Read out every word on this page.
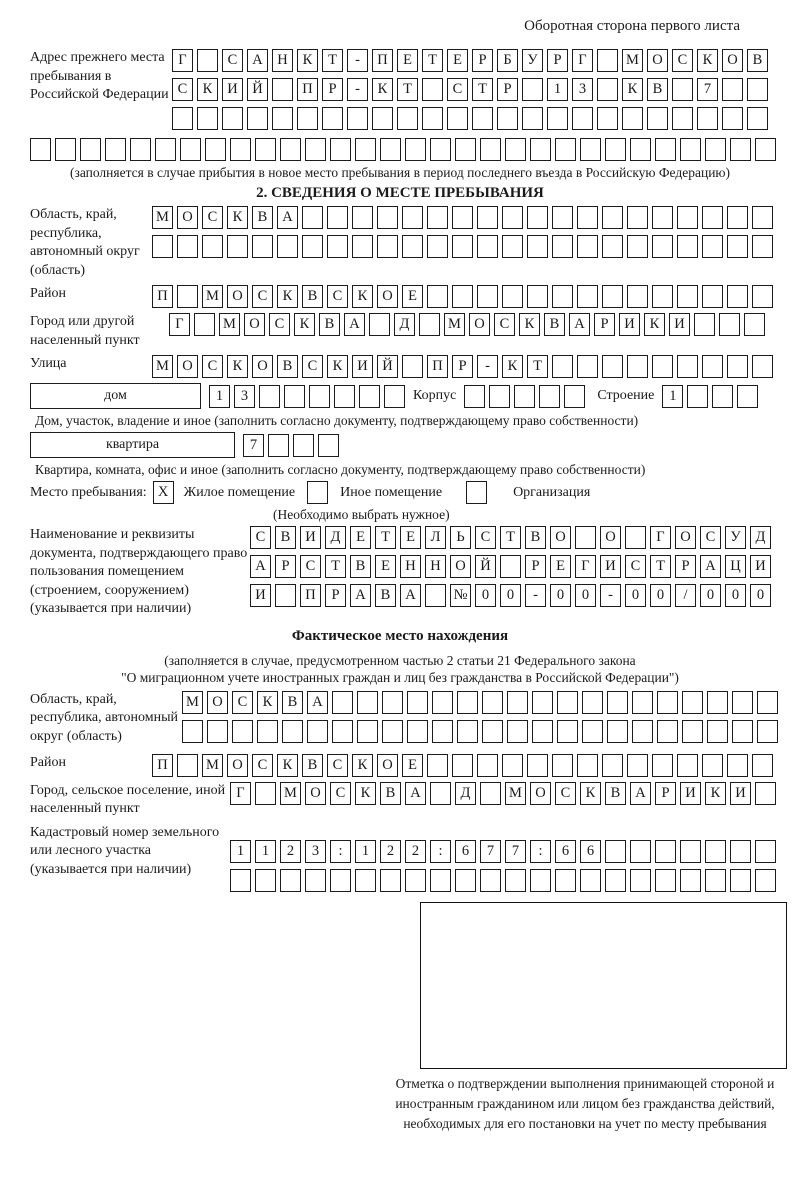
Оборотная сторона первого листа
Адрес прежнего места пребывания в Российской Федерации
Г	С	А	Н	К	Т	-	П	Е	Т	Е	Р	Б	У	Р	Г	М О	С	К	О	В
С	К	И	Й	П	Р	-	К	Т	С	Т	Р	1	3	К	В	7
(заполняется в случае прибытия в новое место пребывания в период последнего въезда в Российскую Федерацию)
2. СВЕДЕНИЯ О МЕСТЕ ПРЕБЫВАНИЯ
Область, край, республика, автономный округ (область)
М О	С	К	В	А
Район	П	М О	С	К	В	С	К	О	Е
Город или другой населенный пункт
Г	М О	С	К	В	А	Д	М О	С	К	В	А	Р	И	К	И
Улица	М О	С	К	О	В	С	К	И	Й	П	Р	-	К	Т
дом	1	3	Корпус	Строение	1
Дом, участок, владение и иное (заполнить согласно документу, подтверждающему право собственности)
квартира	7
Квартира, комната, офис и иное (заполнить согласно документу, подтверждающему право собственности)
Место пребывания: X	Жилое помещение	Иное помещение	Организация
(Необходимо выбрать нужное)
Наименование и реквизиты документа, подтверждающего право пользования помещением (строением, сооружением) (указывается при наличии)
С	В	И	Д	Е	Т	Е	Л	Ь	С	Т	В	О	О	Г	О	С	У	Д
А	Р	С	Т	В	Е	Н	Н	О	Й	Р	Е	Г	И	С	Т	Р	А	Ц	И
И	П	Р	А	В	А	№ 0	0	-	0	0	-	0	0	/	0	0	0
Фактическое место нахождения
(заполняется в случае, предусмотренном частью 2 статьи 21 Федерального закона
"О миграционном учете иностранных граждан и лиц без гражданства в Российской Федерации")
Область, край, республика, автономный округ (область)
М О	С	К	В	А
Район	П	М О	С	К	В	С	К	О	Е
Город, сельское поселение, иной населенный пункт
Г	М О	С	К	В	А	Д	М О	С	К	В	А	Р	И	К	И
Кадастровый номер земельного или лесного участка (указывается при наличии)
1	1	2	3	:	1	2	2	:	6	7	7	:	6	6
Отметка о подтверждении выполнения принимающей стороной и иностранным гражданином или лицом без гражданства действий, необходимых для его постановки на учет по месту пребывания
